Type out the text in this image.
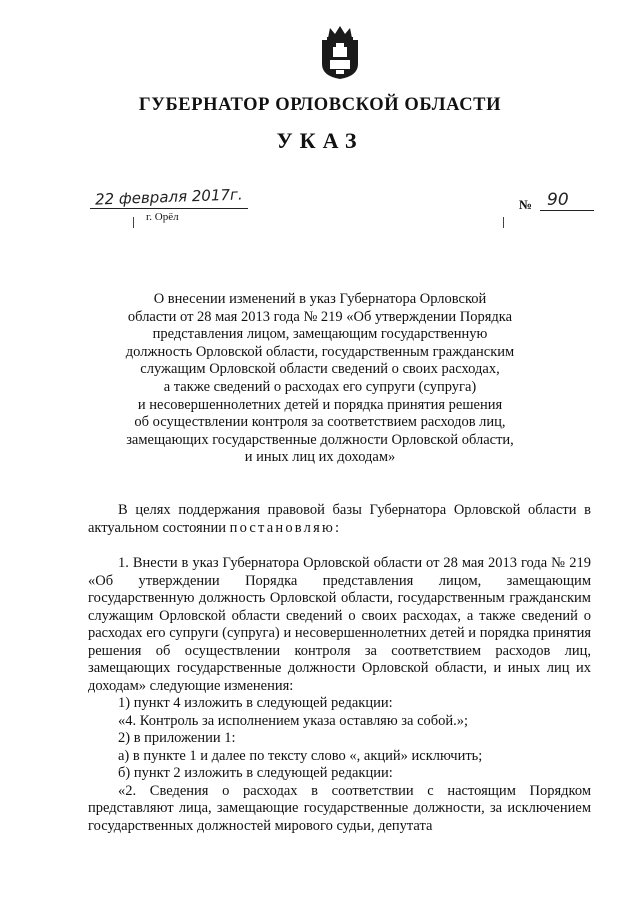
ГУБЕРНАТОР ОРЛОВСКОЙ ОБЛАСТИ
УКАЗ
22 февраля 2017г.
г. Орёл
№ 90
О внесении изменений в указ Губернатора Орловской
области от 28 мая 2013 года № 219 «Об утверждении Порядка
представления лицом, замещающим государственную
должность Орловской области, государственным гражданским
служащим Орловской области сведений о своих расходах,
а также сведений о расходах его супруги (супруга)
и несовершеннолетних детей и порядка принятия решения
об осуществлении контроля за соответствием расходов лиц,
замещающих государственные должности Орловской области,
и иных лиц их доходам»

В целях поддержания правовой базы Губернатора Орловской области в актуальном состоянии постановляю:

1. Внести в указ Губернатора Орловской области от 28 мая 2013 года № 219 «Об утверждении Порядка представления лицом, замещающим государственную должность Орловской области, государственным гражданским служащим Орловской области сведений о своих расходах, а также сведений о расходах его супруги (супруга) и несовершеннолетних детей и порядка принятия решения об осуществлении контроля за соответствием расходов лиц, замещающих государственные должности Орловской области, и иных лиц их доходам» следующие изменения:

1) пункт 4 изложить в следующей редакции:

«4. Контроль за исполнением указа оставляю за собой.»;

2) в приложении 1:

а) в пункте 1 и далее по тексту слово «, акций» исключить;

б) пункт 2 изложить в следующей редакции:

«2. Сведения о расходах в соответствии с настоящим Порядком представляют лица, замещающие государственные должности, за исключением государственных должностей мирового судьи, депутата
